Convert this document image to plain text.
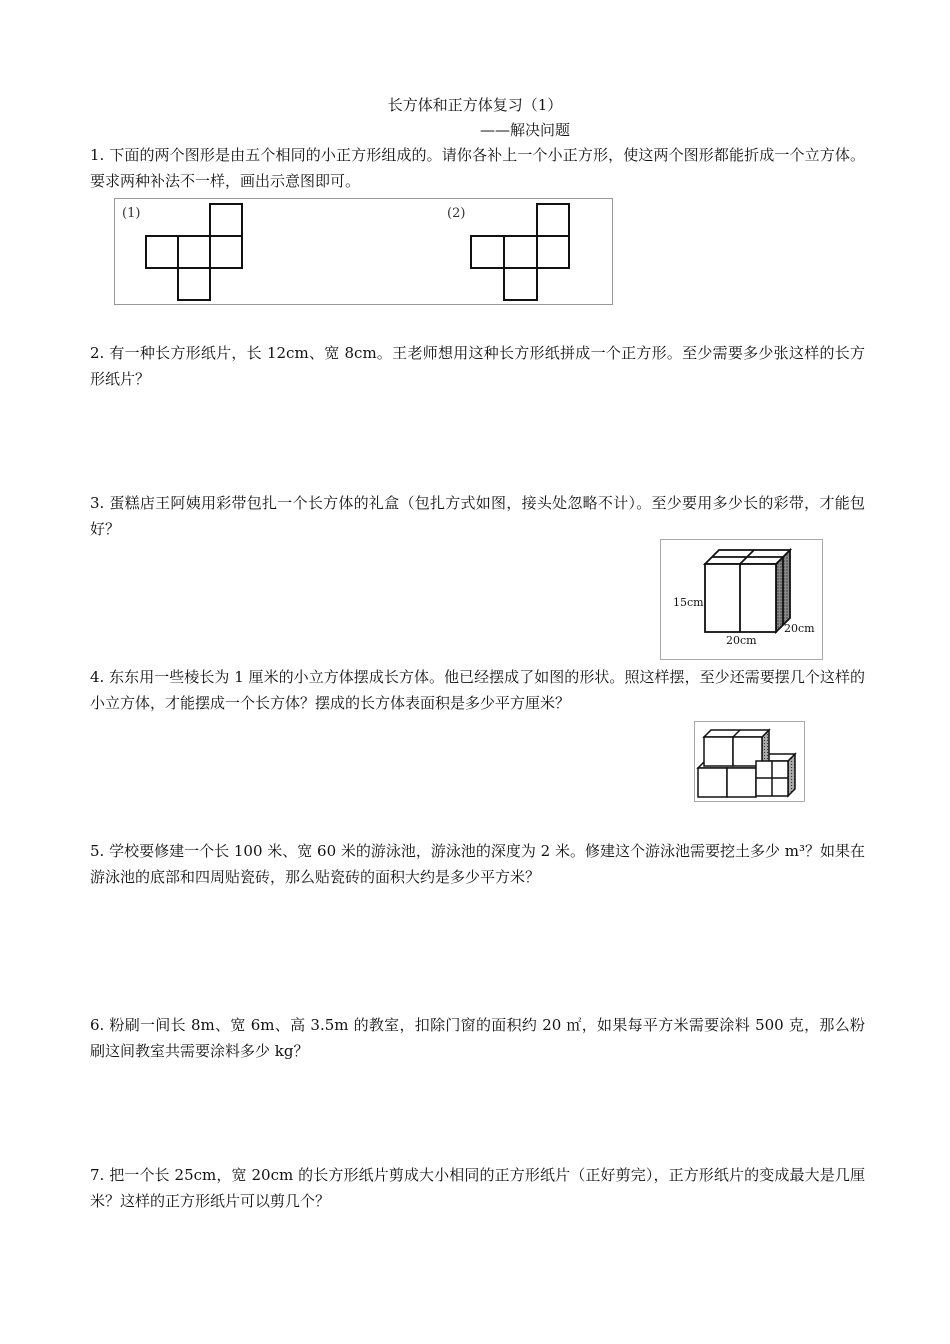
长方体和正方体复习（1）
——解决问题
1. 下面的两个图形是由五个相同的小正方形组成的。请你各补上一个小正方形，使这两个图形都能折成一个立方体。要求两种补法不一样，画出示意图即可。
(1)	(2)
2. 有一种长方形纸片，长 12cm、宽 8cm。王老师想用这种长方形纸拼成一个正方形。至少需要多少张这样的长方形纸片？
3. 蛋糕店王阿姨用彩带包扎一个长方体的礼盒（包扎方式如图，接头处忽略不计）。至少要用多少长的彩带，才能包好？
15cm
20cm
20cm
4. 东东用一些棱长为 1 厘米的小立方体摆成长方体。他已经摆成了如图的形状。照这样摆，至少还需要摆几个这样的小立方体，才能摆成一个长方体？摆成的长方体表面积是多少平方厘米？
5. 学校要修建一个长 100 米、宽 60 米的游泳池，游泳池的深度为 2 米。修建这个游泳池需要挖土多少 m³？如果在游泳池的底部和四周贴瓷砖，那么贴瓷砖的面积大约是多少平方米？
6. 粉刷一间长 8m、宽 6m、高 3.5m 的教室，扣除门窗的面积约 20 ㎡，如果每平方米需要涂料 500 克，那么粉刷这间教室共需要涂料多少 kg？
7. 把一个长 25cm，宽 20cm 的长方形纸片剪成大小相同的正方形纸片（正好剪完），正方形纸片的变成最大是几厘米？这样的正方形纸片可以剪几个？
